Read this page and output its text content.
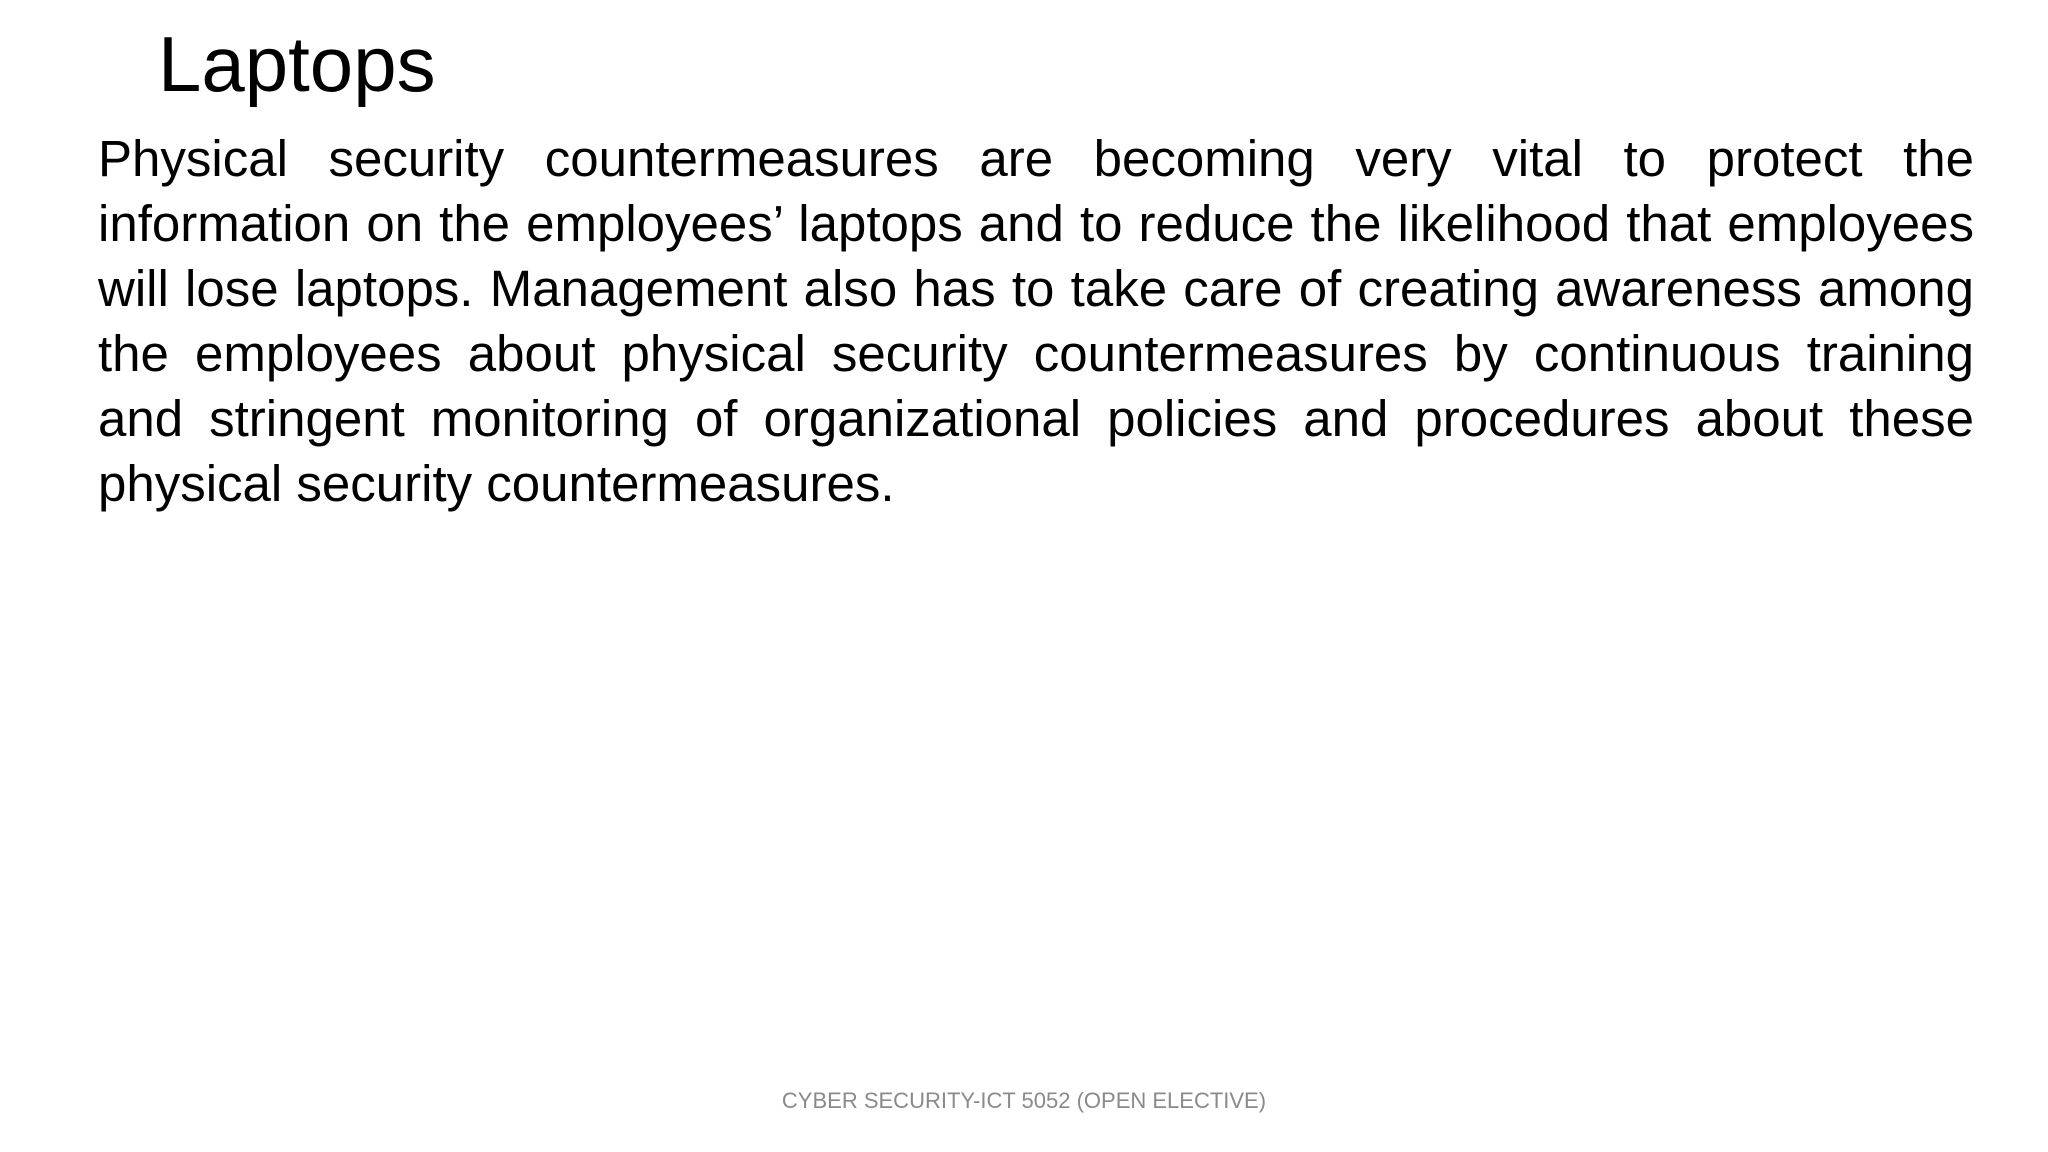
Laptops

Physical security countermeasures are becoming very vital to protect the information on the employees’ laptops and to reduce the likelihood that employees will lose laptops. Management also has to take care of creating awareness among the employees about physical security countermeasures by continuous training and stringent monitoring of organizational policies and procedures about these physical security countermeasures.

CYBER SECURITY-ICT 5052 (OPEN ELECTIVE)
